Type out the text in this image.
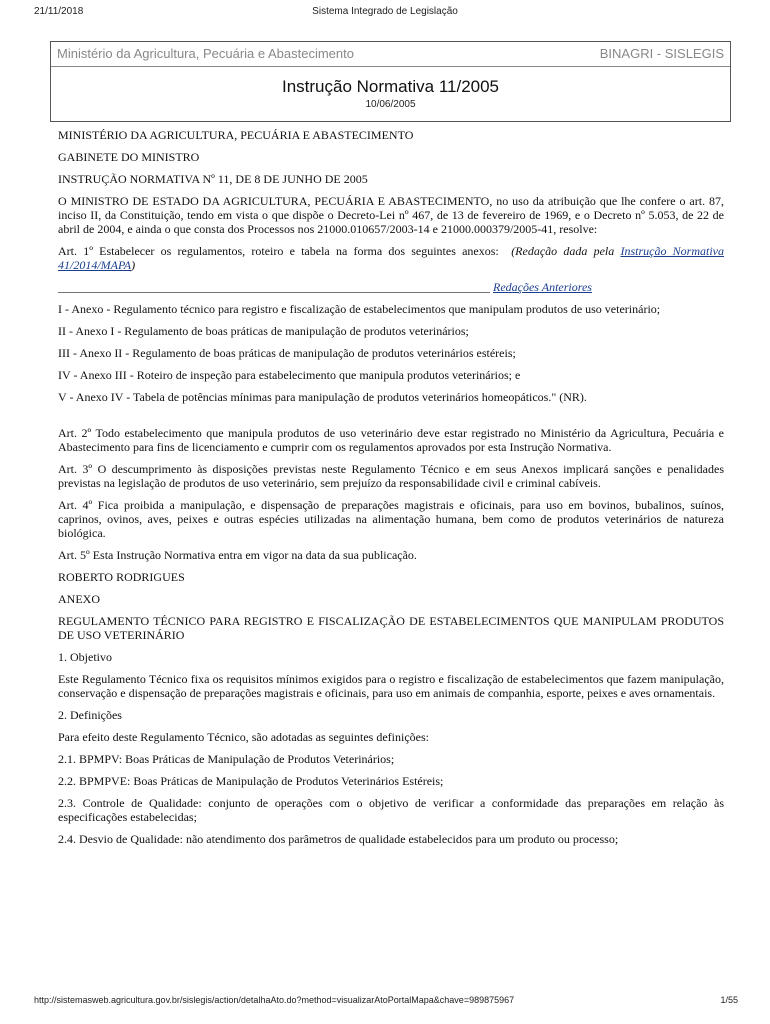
21/11/2018	Sistema Integrado de Legislação
Ministério da Agricultura, Pecuária e Abastecimento	BINAGRI - SISLEGIS
Instrução Normativa 11/2005
10/06/2005

MINISTÉRIO DA AGRICULTURA, PECUÁRIA E ABASTECIMENTO

GABINETE DO MINISTRO

INSTRUÇÃO NORMATIVA Nº 11, DE 8 DE JUNHO DE 2005

O MINISTRO DE ESTADO DA AGRICULTURA, PECUÁRIA E ABASTECIMENTO, no uso da atribuição que lhe confere o art. 87, inciso II, da Constituição, tendo em vista o que dispõe o Decreto-Lei nº 467, de 13 de fevereiro de 1969, e o Decreto nº 5.053, de 22 de abril de 2004, e ainda o que consta dos Processos nos 21000.010657/2003-14 e 21000.000379/2005-41, resolve:

Art. 1º Estabelecer os regulamentos, roteiro e tabela na forma dos seguintes anexos: (Redação dada pela Instrução Normativa 41/2014/MAPA)

________________________________________________________________________ Redações Anteriores

I - Anexo - Regulamento técnico para registro e fiscalização de estabelecimentos que manipulam produtos de uso veterinário;

II - Anexo I - Regulamento de boas práticas de manipulação de produtos veterinários;

III - Anexo II - Regulamento de boas práticas de manipulação de produtos veterinários estéreis;

IV - Anexo III - Roteiro de inspeção para estabelecimento que manipula produtos veterinários; e

V - Anexo IV - Tabela de potências mínimas para manipulação de produtos veterinários homeopáticos." (NR).

Art. 2º Todo estabelecimento que manipula produtos de uso veterinário deve estar registrado no Ministério da Agricultura, Pecuária e Abastecimento para fins de licenciamento e cumprir com os regulamentos aprovados por esta Instrução Normativa.

Art. 3º O descumprimento às disposições previstas neste Regulamento Técnico e em seus Anexos implicará sanções e penalidades previstas na legislação de produtos de uso veterinário, sem prejuízo da responsabilidade civil e criminal cabíveis.

Art. 4º Fica proibida a manipulação, e dispensação de preparações magistrais e oficinais, para uso em bovinos, bubalinos, suínos, caprinos, ovinos, aves, peixes e outras espécies utilizadas na alimentação humana, bem como de produtos veterinários de natureza biológica.

Art. 5º Esta Instrução Normativa entra em vigor na data da sua publicação.

ROBERTO RODRIGUES

ANEXO

REGULAMENTO TÉCNICO PARA REGISTRO E FISCALIZAÇÃO DE ESTABELECIMENTOS QUE MANIPULAM PRODUTOS DE USO VETERINÁRIO

1. Objetivo

Este Regulamento Técnico fixa os requisitos mínimos exigidos para o registro e fiscalização de estabelecimentos que fazem manipulação, conservação e dispensação de preparações magistrais e oficinais, para uso em animais de companhia, esporte, peixes e aves ornamentais.

2. Definições

Para efeito deste Regulamento Técnico, são adotadas as seguintes definições:

2.1. BPMPV: Boas Práticas de Manipulação de Produtos Veterinários;

2.2. BPMPVE: Boas Práticas de Manipulação de Produtos Veterinários Estéreis;

2.3. Controle de Qualidade: conjunto de operações com o objetivo de verificar a conformidade das preparações em relação às especificações estabelecidas;

2.4. Desvio de Qualidade: não atendimento dos parâmetros de qualidade estabelecidos para um produto ou processo;

http://sistemasweb.agricultura.gov.br/sislegis/action/detalhaAto.do?method=visualizarAtoPortalMapa&chave=989875967	1/55
